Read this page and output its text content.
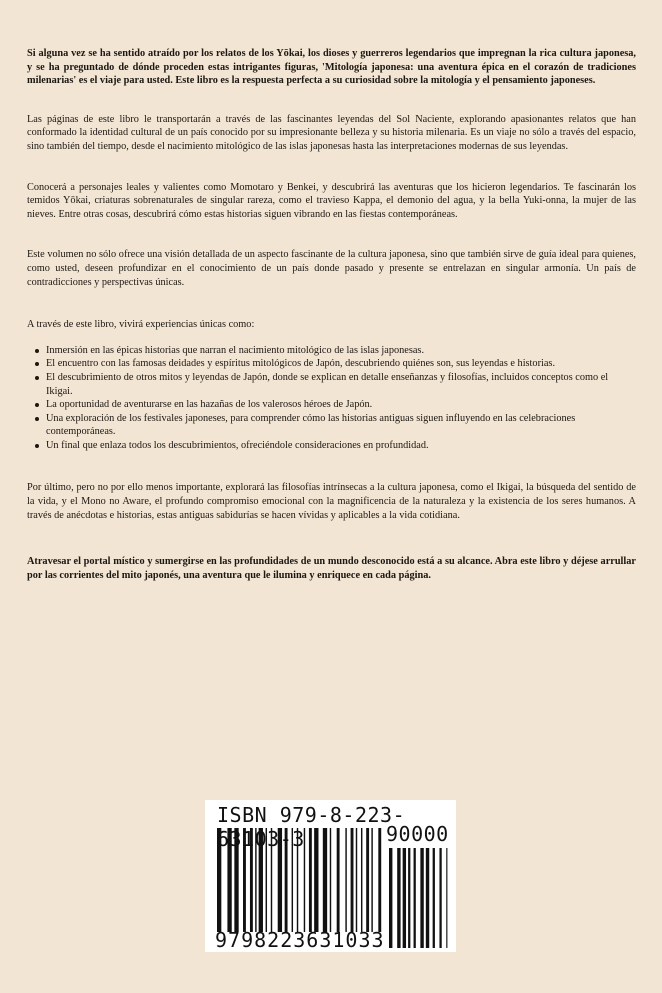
Si alguna vez se ha sentido atraído por los relatos de los Yōkai, los dioses y guerreros legendarios que impregnan la rica cultura japonesa, y se ha preguntado de dónde proceden estas intrigantes figuras, 'Mitología japonesa: una aventura épica en el corazón de tradiciones milenarias' es el viaje para usted. Este libro es la respuesta perfecta a su curiosidad sobre la mitología y el pensamiento japoneses.

Las páginas de este libro le transportarán a través de las fascinantes leyendas del Sol Naciente, explorando apasionantes relatos que han conformado la identidad cultural de un país conocido por su impresionante belleza y su historia milenaria. Es un viaje no sólo a través del espacio, sino también del tiempo, desde el nacimiento mitológico de las islas japonesas hasta las interpretaciones modernas de sus leyendas.

Conocerá a personajes leales y valientes como Momotaro y Benkei, y descubrirá las aventuras que los hicieron legendarios. Te fascinarán los temidos Yōkai, criaturas sobrenaturales de singular rareza, como el travieso Kappa, el demonio del agua, y la bella Yuki-onna, la mujer de las nieves. Entre otras cosas, descubrirá cómo estas historias siguen vibrando en las fiestas contemporáneas.

Este volumen no sólo ofrece una visión detallada de un aspecto fascinante de la cultura japonesa, sino que también sirve de guía ideal para quienes, como usted, deseen profundizar en el conocimiento de un país donde pasado y presente se entrelazan en singular armonía. Un país de contradicciones y perspectivas únicas.

A través de este libro, vivirá experiencias únicas como:

Inmersión en las épicas historias que narran el nacimiento mitológico de las islas japonesas.
El encuentro con las famosas deidades y espíritus mitológicos de Japón, descubriendo quiénes son, sus leyendas e historias.
El descubrimiento de otros mitos y leyendas de Japón, donde se explican en detalle enseñanzas y filosofías, incluidos conceptos como el Ikigai.
La oportunidad de aventurarse en las hazañas de los valerosos héroes de Japón.
Una exploración de los festivales japoneses, para comprender cómo las historias antiguas siguen influyendo en las celebraciones contemporáneas.
Un final que enlaza todos los descubrimientos, ofreciéndole consideraciones en profundidad.

Por último, pero no por ello menos importante, explorará las filosofías intrínsecas a la cultura japonesa, como el Ikigai, la búsqueda del sentido de la vida, y el Mono no Aware, el profundo compromiso emocional con la magnificencia de la naturaleza y la existencia de los seres humanos. A través de anécdotas e historias, estas antiguas sabidurías se hacen vívidas y aplicables a la vida cotidiana.

Atravesar el portal místico y sumergirse en las profundidades de un mundo desconocido está a su alcance. Abra este libro y déjese arrullar por las corrientes del mito japonés, una aventura que le ilumina y enriquece en cada página.

ISBN 979-8-223-6 103-3	90000
9798223631033
